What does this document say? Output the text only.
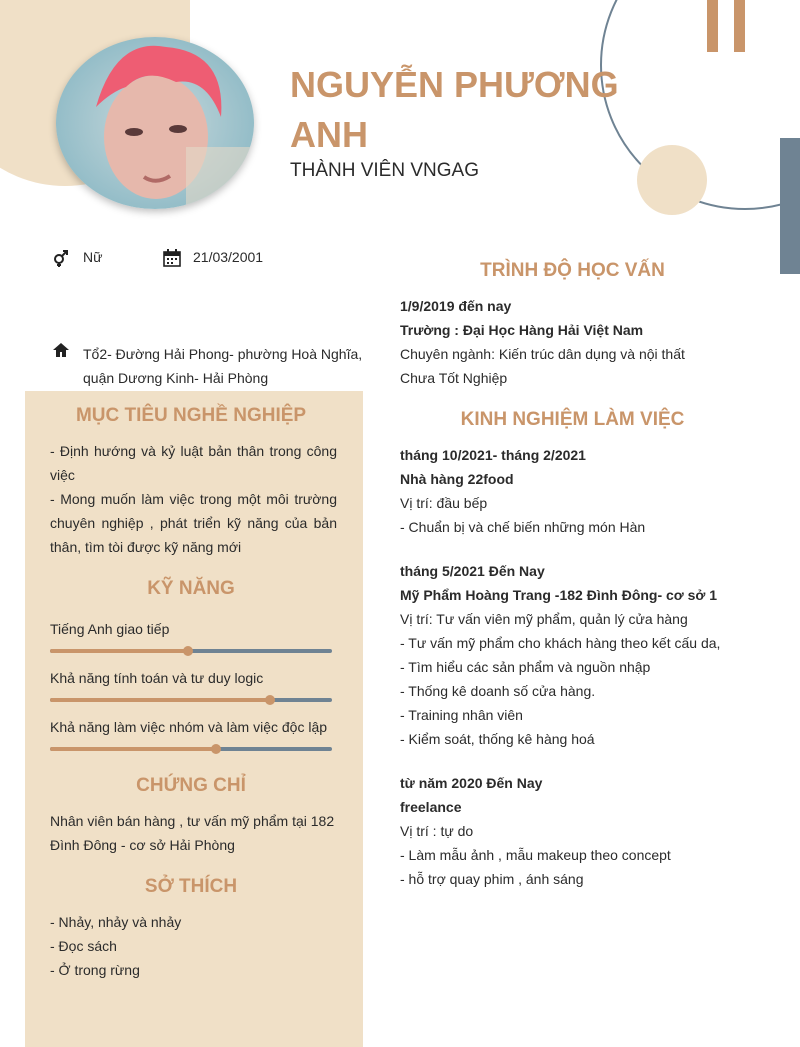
NGUYỄN PHƯƠNG ANH
THÀNH VIÊN VNGAG
Nữ	21/03/2001
Tổ2- Đường Hải Phong- phường Hoà Nghĩa,
quận Dương Kinh- Hải Phòng
MỤC TIÊU NGHỀ NGHIỆP
- Định hướng và kỷ luật bản thân trong công việc
- Mong muốn làm việc trong một môi trường chuyên nghiệp , phát triển kỹ năng của bản thân, tìm tòi được kỹ năng mới
KỸ NĂNG
Tiếng Anh giao tiếp
Khả năng tính toán và tư duy logic
Khả năng làm việc nhóm và làm việc độc lập
CHỨNG CHỈ
Nhân viên bán hàng , tư vấn mỹ phẩm tại 182 Đình Đông - cơ sở Hải Phòng
SỞ THÍCH
- Nhảy, nhảy và nhảy
- Đọc sách
- Ở trong rừng
TRÌNH ĐỘ HỌC VẤN
1/9/2019 đến nay
Trường : Đại Học Hàng Hải Việt Nam
Chuyên ngành: Kiến trúc dân dụng và nội thất
Chưa Tốt Nghiệp
KINH NGHIỆM LÀM VIỆC
tháng 10/2021- tháng 2/2021
Nhà hàng 22food
Vị trí: đầu bếp
- Chuẩn bị và chế biến những món Hàn
tháng 5/2021 Đến Nay
Mỹ Phẩm Hoàng Trang -182 Đình Đông- cơ sở 1
Vị trí: Tư vấn viên mỹ phẩm, quản lý cửa hàng
- Tư vấn mỹ phẩm cho khách hàng theo kết cấu da,
- Tìm hiểu các sản phẩm và nguồn nhập
- Thống kê doanh số cửa hàng.
- Training nhân viên
- Kiểm soát, thống kê hàng hoá
từ năm 2020 Đến Nay
freelance
Vị trí : tự do
- Làm mẫu ảnh , mẫu makeup theo concept
- hỗ trợ quay phim , ánh sáng
